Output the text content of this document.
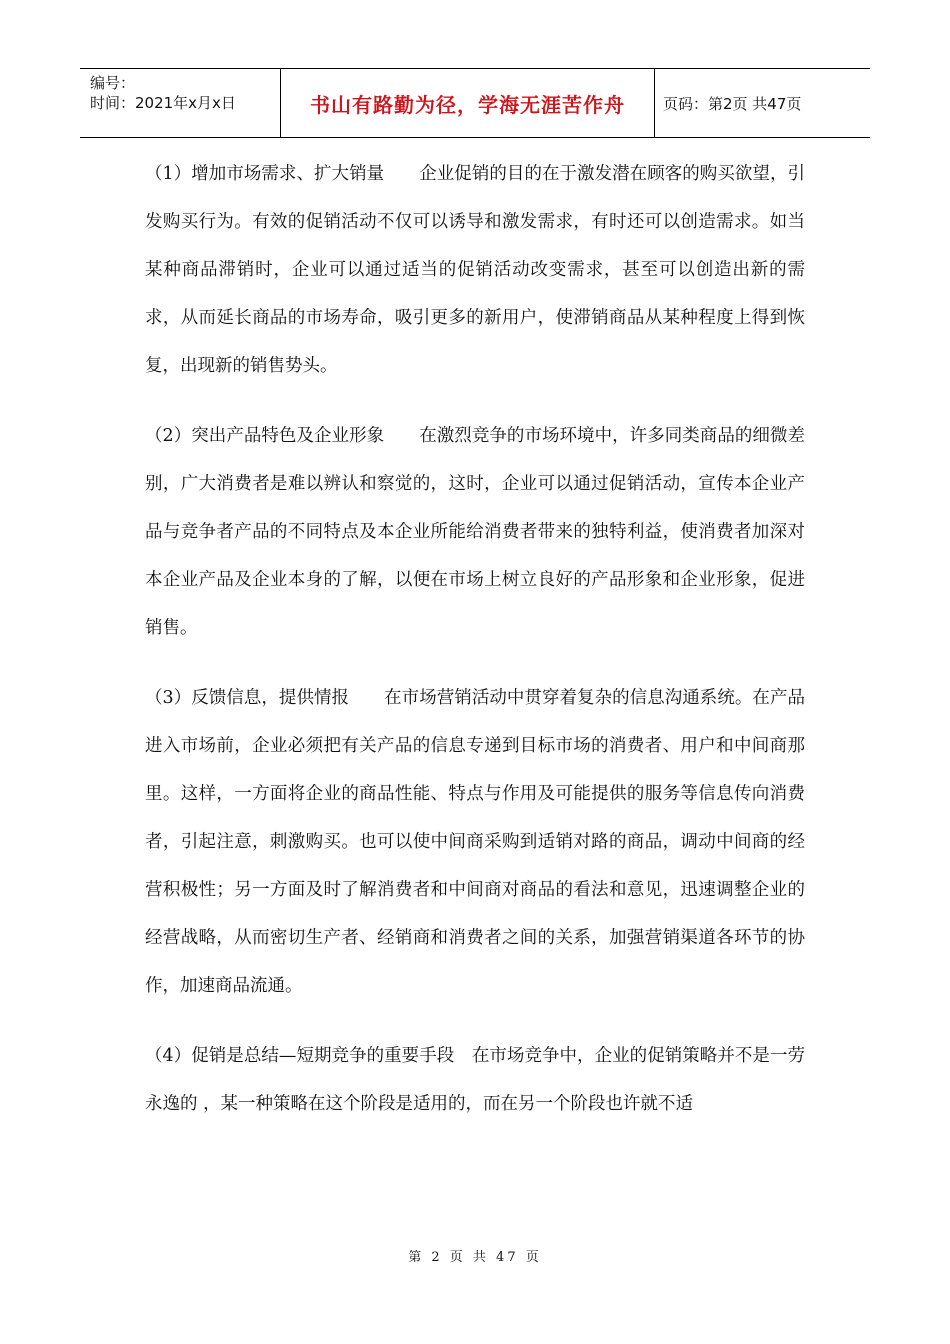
编号：
时间：2021年x月x日	书山有路勤为径，学海无涯苦作舟	页码：第2页 共47页

（1）增加市场需求、扩大销量　　企业促销的目的在于激发潜在顾客的购买欲望，引发购买行为。有效的促销活动不仅可以诱导和激发需求，有时还可以创造需求。如当某种商品滞销时，企业可以通过适当的促销活动改变需求，甚至可以创造出新的需求，从而延长商品的市场寿命，吸引更多的新用户，使滞销商品从某种程度上得到恢复，出现新的销售势头。

（2）突出产品特色及企业形象　　在激烈竞争的市场环境中，许多同类商品的细微差别，广大消费者是难以辨认和察觉的，这时，企业可以通过促销活动，宣传本企业产品与竞争者产品的不同特点及本企业所能给消费者带来的独特利益，使消费者加深对本企业产品及企业本身的了解，以便在市场上树立良好的产品形象和企业形象，促进销售。

（3）反馈信息，提供情报　　在市场营销活动中贯穿着复杂的信息沟通系统。在产品进入市场前，企业必须把有关产品的信息专递到目标市场的消费者、用户和中间商那里。这样，一方面将企业的商品性能、特点与作用及可能提供的服务等信息传向消费者，引起注意，刺激购买。也可以使中间商采购到适销对路的商品，调动中间商的经营积极性；另一方面及时了解消费者和中间商对商品的看法和意见，迅速调整企业的经营战略，从而密切生产者、经销商和消费者之间的关系，加强营销渠道各环节的协作，加速商品流通。

（4）促销是总结—短期竞争的重要手段　在市场竞争中，企业的促销策略并不是一劳永逸的 ，某一种策略在这个阶段是适用的，而在另一个阶段也许就不适

第 2 页 共 47 页
